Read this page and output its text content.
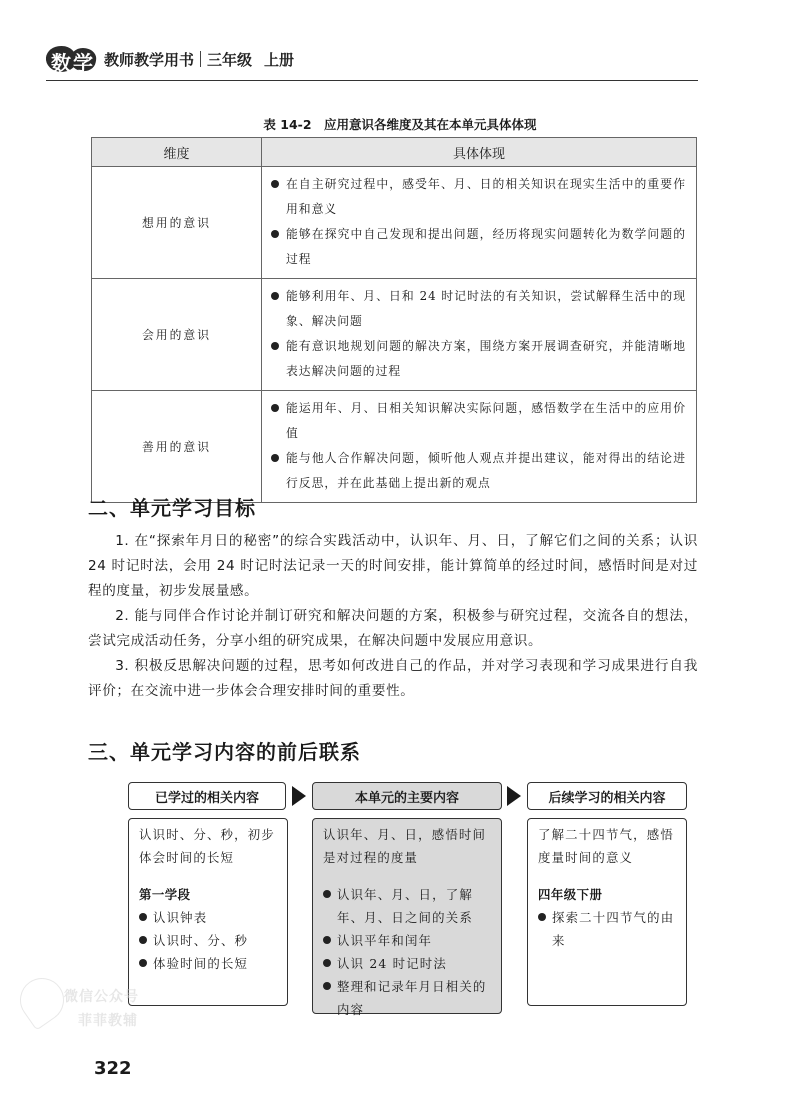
数 学 教师教学用书 三年级 上册
表 14-2　应用意识各维度及其在本单元具体体现
维度	具体体现
想用的意识	在自主研究过程中，感受年、月、日的相关知识在现实生活中的重要作用和意义
能够在探究中自己发现和提出问题，经历将现实问题转化为数学问题的过程

会用的意识	能够利用年、月、日和 24 时记时法的有关知识，尝试解释生活中的现象、解决问题
能有意识地规划问题的解决方案，围绕方案开展调查研究，并能清晰地表达解决问题的过程

善用的意识	能运用年、月、日相关知识解决实际问题，感悟数学在生活中的应用价值
能与他人合作解决问题，倾听他人观点并提出建议，能对得出的结论进行反思，并在此基础上提出新的观点
二、单元学习目标

1. 在“探索年月日的秘密”的综合实践活动中，认识年、月、日，了解它们之间的关系；认识 24 时记时法，会用 24 时记时法记录一天的时间安排，能计算简单的经过时间，感悟时间是对过程的度量，初步发展量感。

2. 能与同伴合作讨论并制订研究和解决问题的方案，积极参与研究过程，交流各自的想法，尝试完成活动任务，分享小组的研究成果，在解决问题中发展应用意识。

3. 积极反思解决问题的过程，思考如何改进自己的作品，并对学习表现和学习成果进行自我评价；在交流中进一步体会合理安排时间的重要性。

三、单元学习内容的前后联系
已学过的相关内容	本单元的主要内容	后续学习的相关内容
认识时、分、秒，初步体会时间的长短
第一学段
认识钟表
认识时、分、秒
体验时间的长短
认识年、月、日，感悟时间是对过程的度量
认识年、月、日，了解年、月、日之间的关系
认识平年和闰年
认识 24 时记时法
整理和记录年月日相关的内容
了解二十四节气，感悟度量时间的意义
四年级下册
探索二十四节气的由来
微信公众号
菲菲教辅
322
